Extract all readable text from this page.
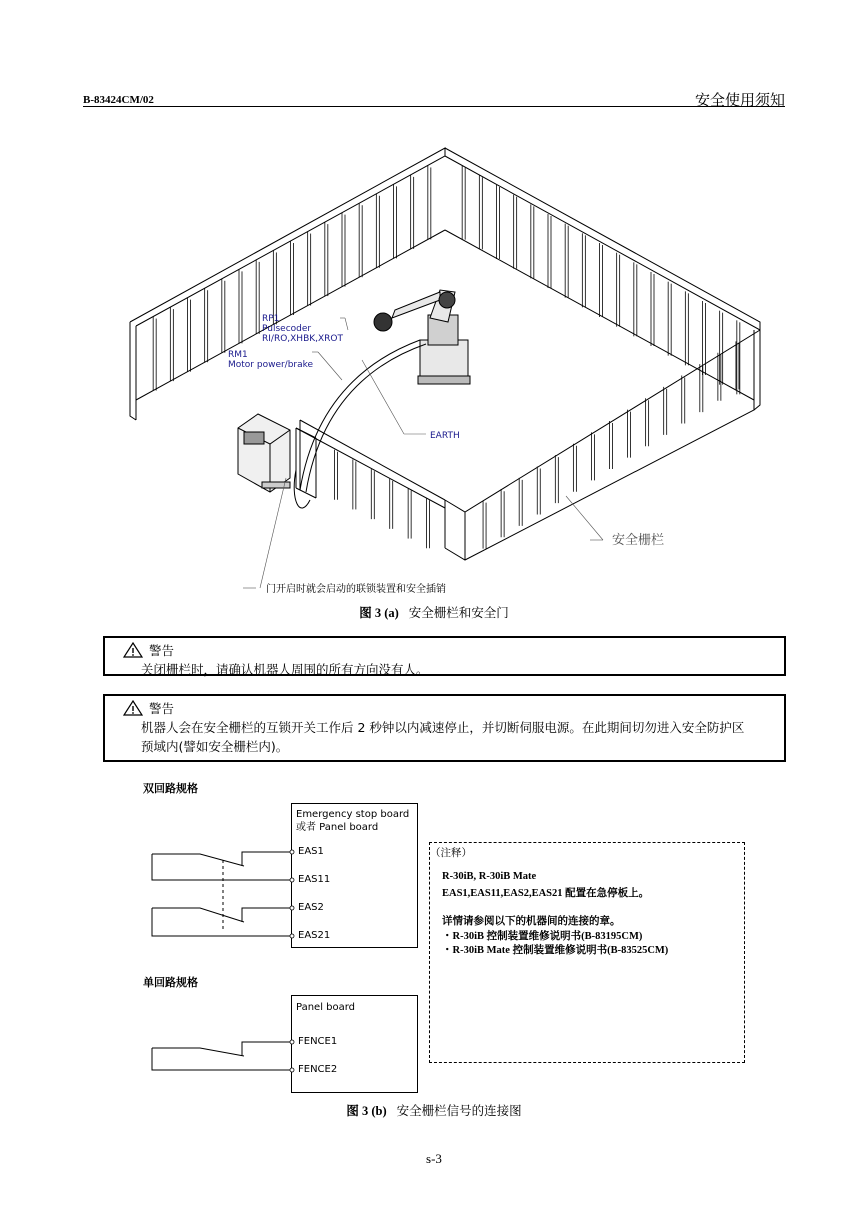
B-83424CM/02	安全使用须知
RP1
Pulsecoder
RI/RO,XHBK,XROT
RM1
Motor power/brake
EARTH
安全栅栏
门开启时就会启动的联锁装置和安全插销
图 3 (a) 安全栅栏和安全门
警告
关闭栅栏时，请确认机器人周围的所有方向没有人。
警告
机器人会在安全栅栏的互锁开关工作后 2 秒钟以内减速停止，并切断伺服电源。在此期间切勿进入安全防护区
预域内(譬如安全栅栏内)。
双回路规格
Emergency stop board
或者 Panel board
EAS1
EAS11
EAS2
EAS21
单回路规格
Panel board
FENCE1
FENCE2
（注释）
R-30iB, R-30iB Mate
EAS1,EAS11,EAS2,EAS21 配置在急停板上。
详情请参阅以下的机器间的连接的章。
・R-30iB 控制装置维修说明书(B-83195CM)
・R-30iB Mate 控制装置维修说明书(B-83525CM)
图 3 (b) 安全栅栏信号的连接图
s-3
